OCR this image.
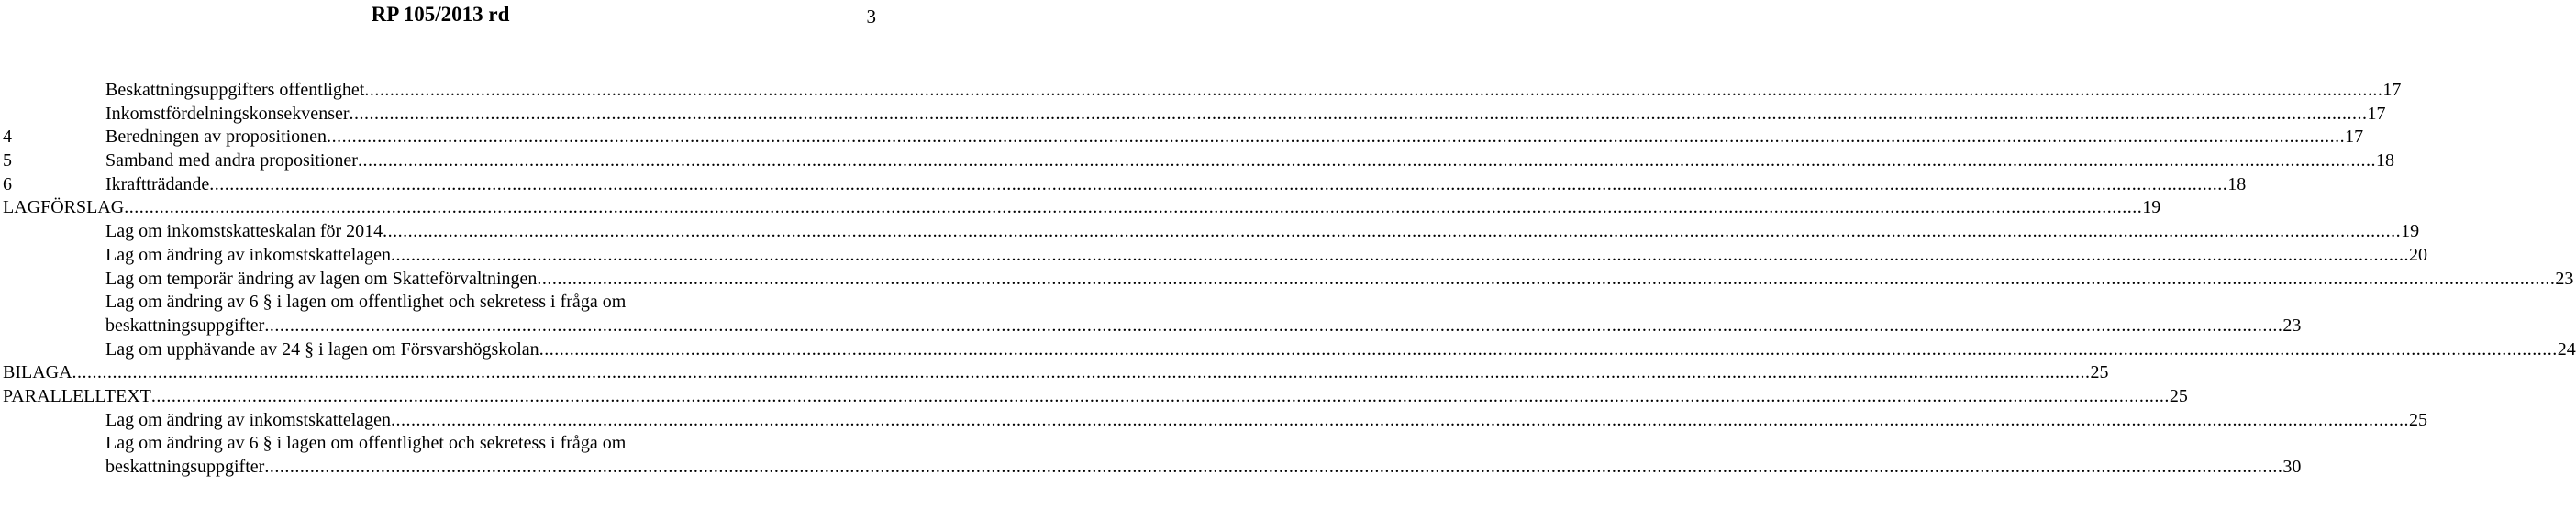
RP 105/2013 rd	3
Beskattningsuppgifters offentlighet ................................................................................................................................................................................................................................................................................................................................................................................................................ 17
Inkomstfördelningskonsekvenser ................................................................................................................................................................................................................................................................................................................................................................................................................ 17
4	Beredningen av propositionen ................................................................................................................................................................................................................................................................................................................................................................................................................ 17
5	Samband med andra propositioner ................................................................................................................................................................................................................................................................................................................................................................................................................ 18
6	Ikraftträdande ................................................................................................................................................................................................................................................................................................................................................................................................................ 18
LAGFÖRSLAG ................................................................................................................................................................................................................................................................................................................................................................................................................ 19
Lag om inkomstskatteskalan för 2014 ................................................................................................................................................................................................................................................................................................................................................................................................................ 19
Lag om ändring av inkomstskattelagen ................................................................................................................................................................................................................................................................................................................................................................................................................ 20
Lag om temporär ändring av lagen om Skatteförvaltningen ................................................................................................................................................................................................................................................................................................................................................................................................................ 23
Lag om ändring av 6 § i lagen om offentlighet och sekretess i fråga om
beskattningsuppgifter ................................................................................................................................................................................................................................................................................................................................................................................................................ 23
Lag om upphävande av 24 § i lagen om Försvarshögskolan ................................................................................................................................................................................................................................................................................................................................................................................................................ 24
BILAGA ................................................................................................................................................................................................................................................................................................................................................................................................................ 25
PARALLELLTEXT ................................................................................................................................................................................................................................................................................................................................................................................................................ 25
Lag om ändring av inkomstskattelagen ................................................................................................................................................................................................................................................................................................................................................................................................................ 25
Lag om ändring av 6 § i lagen om offentlighet och sekretess i fråga om
beskattningsuppgifter ................................................................................................................................................................................................................................................................................................................................................................................................................ 30
